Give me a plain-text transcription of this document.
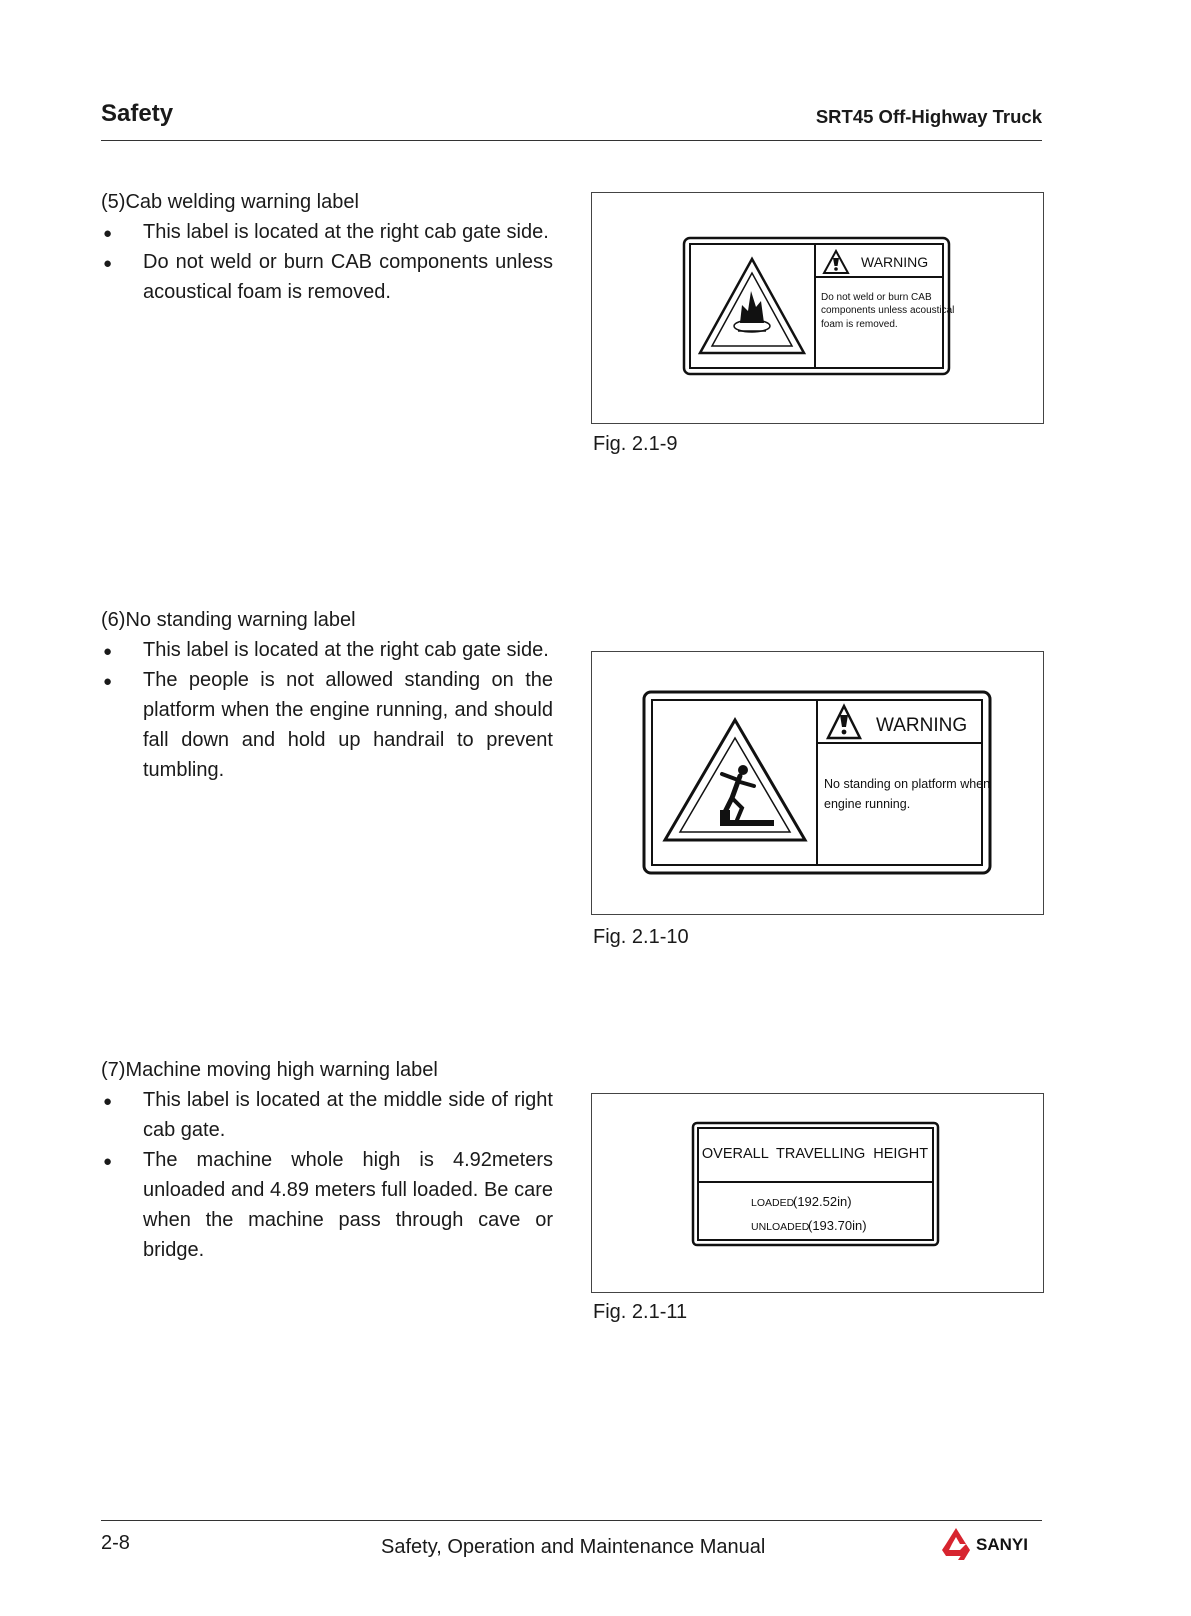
Safety	SRT45 Off-Highway Truck

(5)Cab welding warning label

● This label is located at the right cab gate side.
● Do not weld or burn CAB components unless acoustical foam is removed.
WARNING
Do not weld or burn CAB
components unless acoustical
foam is removed.
Fig. 2.1-9

(6)No standing warning label

● This label is located at the right cab gate side.
● The people is not allowed standing on the platform when the engine running, and should fall down and hold up handrail to prevent tumbling.
WARNING
No standing on platform when
engine running.
Fig. 2.1-10

(7)Machine moving high warning label

● This label is located at the middle side of right cab gate.
● The machine whole high is 4.92meters unloaded and 4.89 meters full loaded. Be care when the machine pass through cave or bridge.
OVERALL  TRAVELLING  HEIGHT
LOADED
(192.52in)
UNLOADED
(193.70in)
Fig. 2.1-11
2-8	Safety, Operation and Maintenance Manual	SANYI
